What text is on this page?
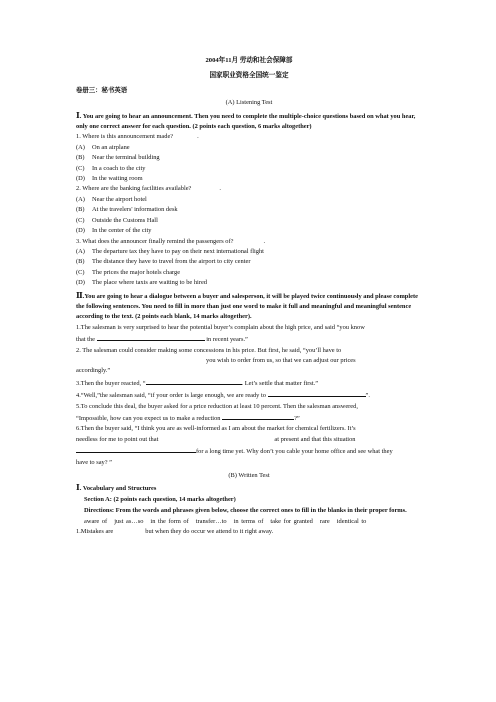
2004年11月 劳动和社会保障部
国家职业资格全国统一鉴定
卷册三：秘书英语
(A) Listening Test
Ⅰ. You are going to hear an announcement. Then you need to complete the multiple-choice questions based on what you hear, only one correct answer for each question. (2 points each question, 6 marks altogether)
1. Where is this announcement made?	.
(A)	On an airplane
(B)	Near the terminal building
(C)	In a coach to the city
(D)	In the waiting room
2. Where are the banking facilities available?	.
(A)	Near the airport hotel
(B)	At the travelers' information desk
(C)	Outside the Customs Hall
(D)	In the center of the city
3. What does the announcer finally remind the passengers of?	.
(A)	The departure tax they have to pay on their next international flight
(B)	The distance they have to travel from the airport to city center
(C)	The prices the major hotels charge
(D)	The place where taxis are waiting to be hired
Ⅱ.You are going to hear a dialogue between a buyer and salesperson, it will be played twice continuously and please complete the following sentences. You need to fill in more than just one word to make it full and meaningful and meaningful sentence according to the text. (2 points each blank, 14 marks altogether).
1.The salesman is very surprised to hear the potential buyer’s complain about the high price, and said “you know
that the	in recent years.”
2. The salesman could consider making some concessions in his price. But first, he said, “you’ll have to
you wish to order from us, so that we can adjust our prices
accordingly.”
3.Then the buyer reacted, “	. Let’s settle that matter first.”
4.“Well,”the salesman said, “if your order is large enough, we are ready to	”.
5.To conclude this deal, the buyer asked for a price reduction at least 10 percent. Then the salesman answered,
“Impossible, how can you expect us to make a reduction	?”
6.Then the buyer said, “I think you are as well-informed as I am about the market for chemical fertilizers. It’s
needless for me to point out that	at present and that this situation
for a long time yet. Why don’t you cable your home office and see what they
have to say? ”
(B) Written Test
Ⅰ. Vocabulary and Structures
Section A: (2 points each question, 14 marks altogether)
Directions: From the words and phrases given below, choose the correct ones to fill in the blanks in their proper forms.
aware of just as…so in the form of transfer…to in terms of take for granted rare identical to
1.Mistakes are	but when they do occur we attend to it right away.
